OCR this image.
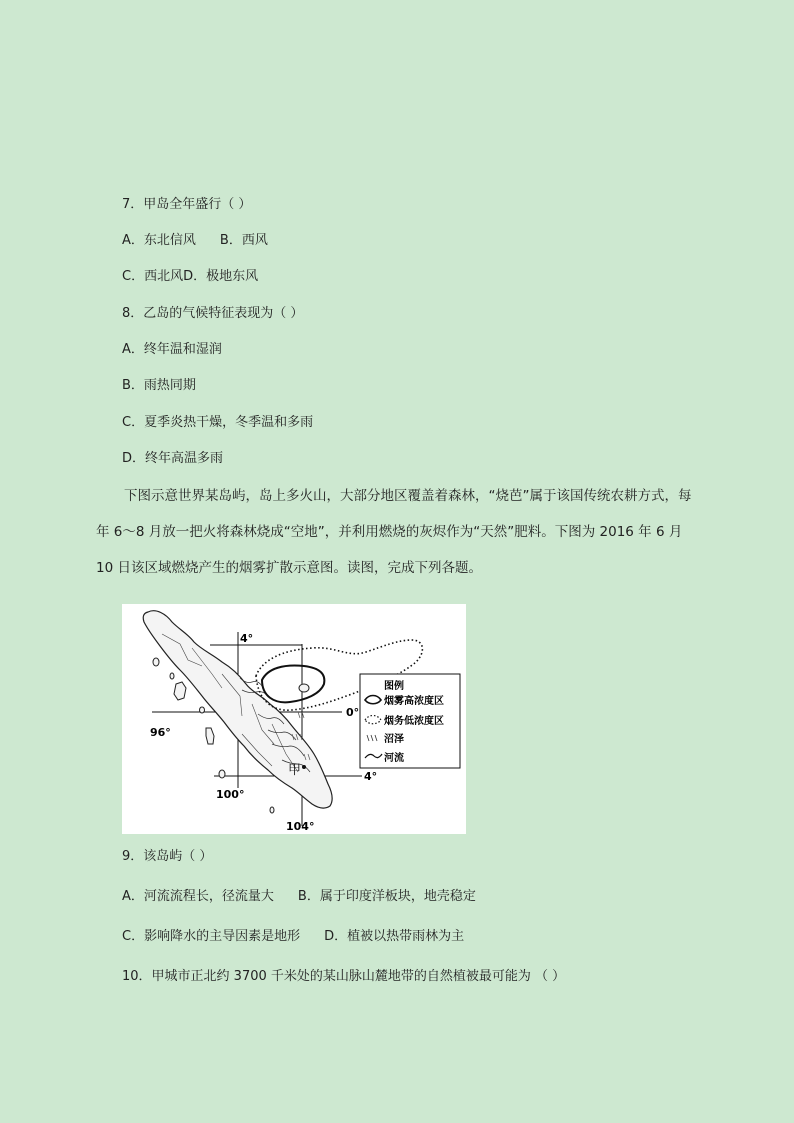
7．甲岛全年盛行（ ）
A．东北信风 B．西风
C．西北风D．极地东风
8．乙岛的气候特征表现为（ ）
A．终年温和湿润
B．雨热同期
C．夏季炎热干燥，冬季温和多雨
D．终年高温多雨
下图示意世界某岛屿，岛上多火山，大部分地区覆盖着森林，“烧芭”属于该国传统农耕方式，每年 6～8 月放一把火将森林烧成“空地”，并利用燃烧的灰烬作为“天然”肥料。下图为 2016 年 6 月 10 日该区域燃烧产生的烟雾扩散示意图。读图，完成下列各题。
甲
4°
0°
4°
96°
100°
104°
图例
烟雾高浓度区
烟务低浓度区
沼泽
河流
9．该岛屿（ ）
A．河流流程长，径流量大 B．属于印度洋板块，地壳稳定
C．影响降水的主导因素是地形 D．植被以热带雨林为主
10．甲城市正北约 3700 千米处的某山脉山麓地带的自然植被最可能为 （ ）
